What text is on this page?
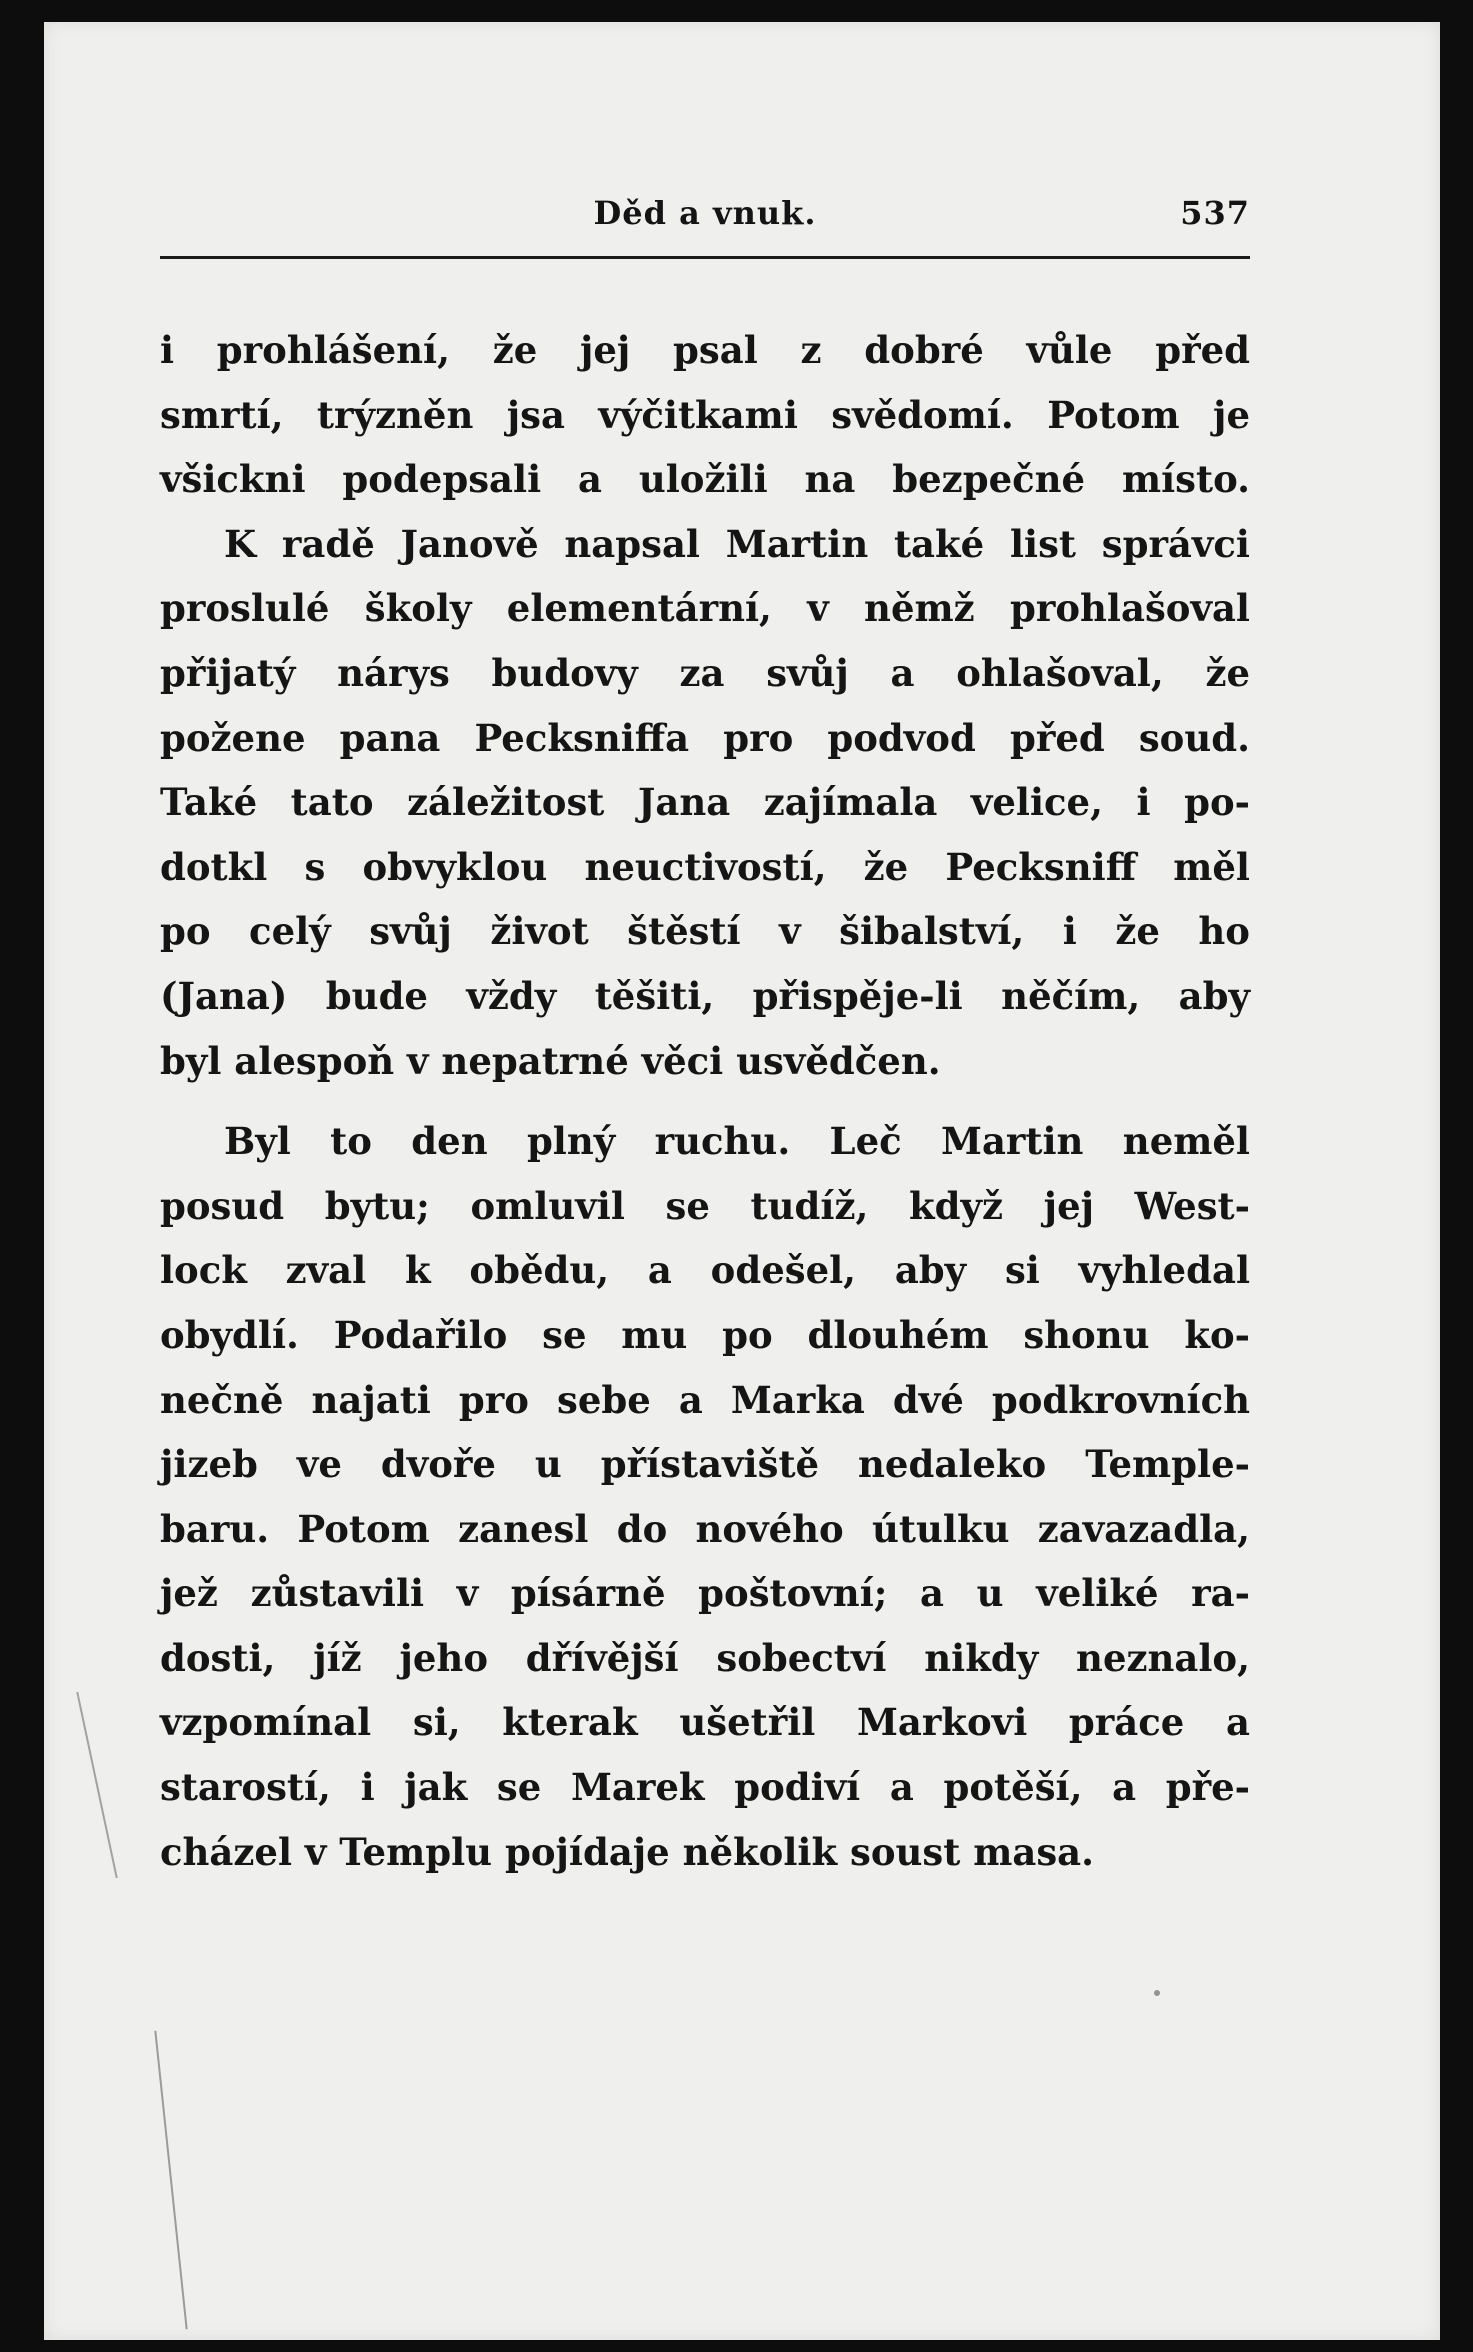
Děd a vnuk.	537
i prohlášení, že jej psal z dobré vůle před
smrtí, trýzněn jsa výčitkami svědomí. Potom je
všickni podepsali a uložili na bezpečné místo.
K radě Janově napsal Martin také list správci
proslulé školy elementární, v němž prohlašoval
přijatý nárys budovy za svůj a ohlašoval, že
požene pana Pecksniffa pro podvod před soud.
Také tato záležitost Jana zajímala velice, i po-
dotkl s obvyklou neuctivostí, že Pecksniff měl
po celý svůj život štěstí v šibalství, i že ho
(Jana) bude vždy těšiti, přispěje-li něčím, aby
byl alespoň v nepatrné věci usvědčen.
Byl to den plný ruchu. Leč Martin neměl
posud bytu; omluvil se tudíž, když jej West-
lock zval k obědu, a odešel, aby si vyhledal
obydlí. Podařilo se mu po dlouhém shonu ko-
nečně najati pro sebe a Marka dvé podkrovních
jizeb ve dvoře u přístaviště nedaleko Temple-
baru. Potom zanesl do nového útulku zavazadla,
jež zůstavili v písárně poštovní; a u veliké ra-
dosti, jíž jeho dřívější sobectví nikdy neznalo,
vzpomínal si, kterak ušetřil Markovi práce a
starostí, i jak se Marek podiví a potěší, a pře-
cházel v Templu pojídaje několik soust masa.
